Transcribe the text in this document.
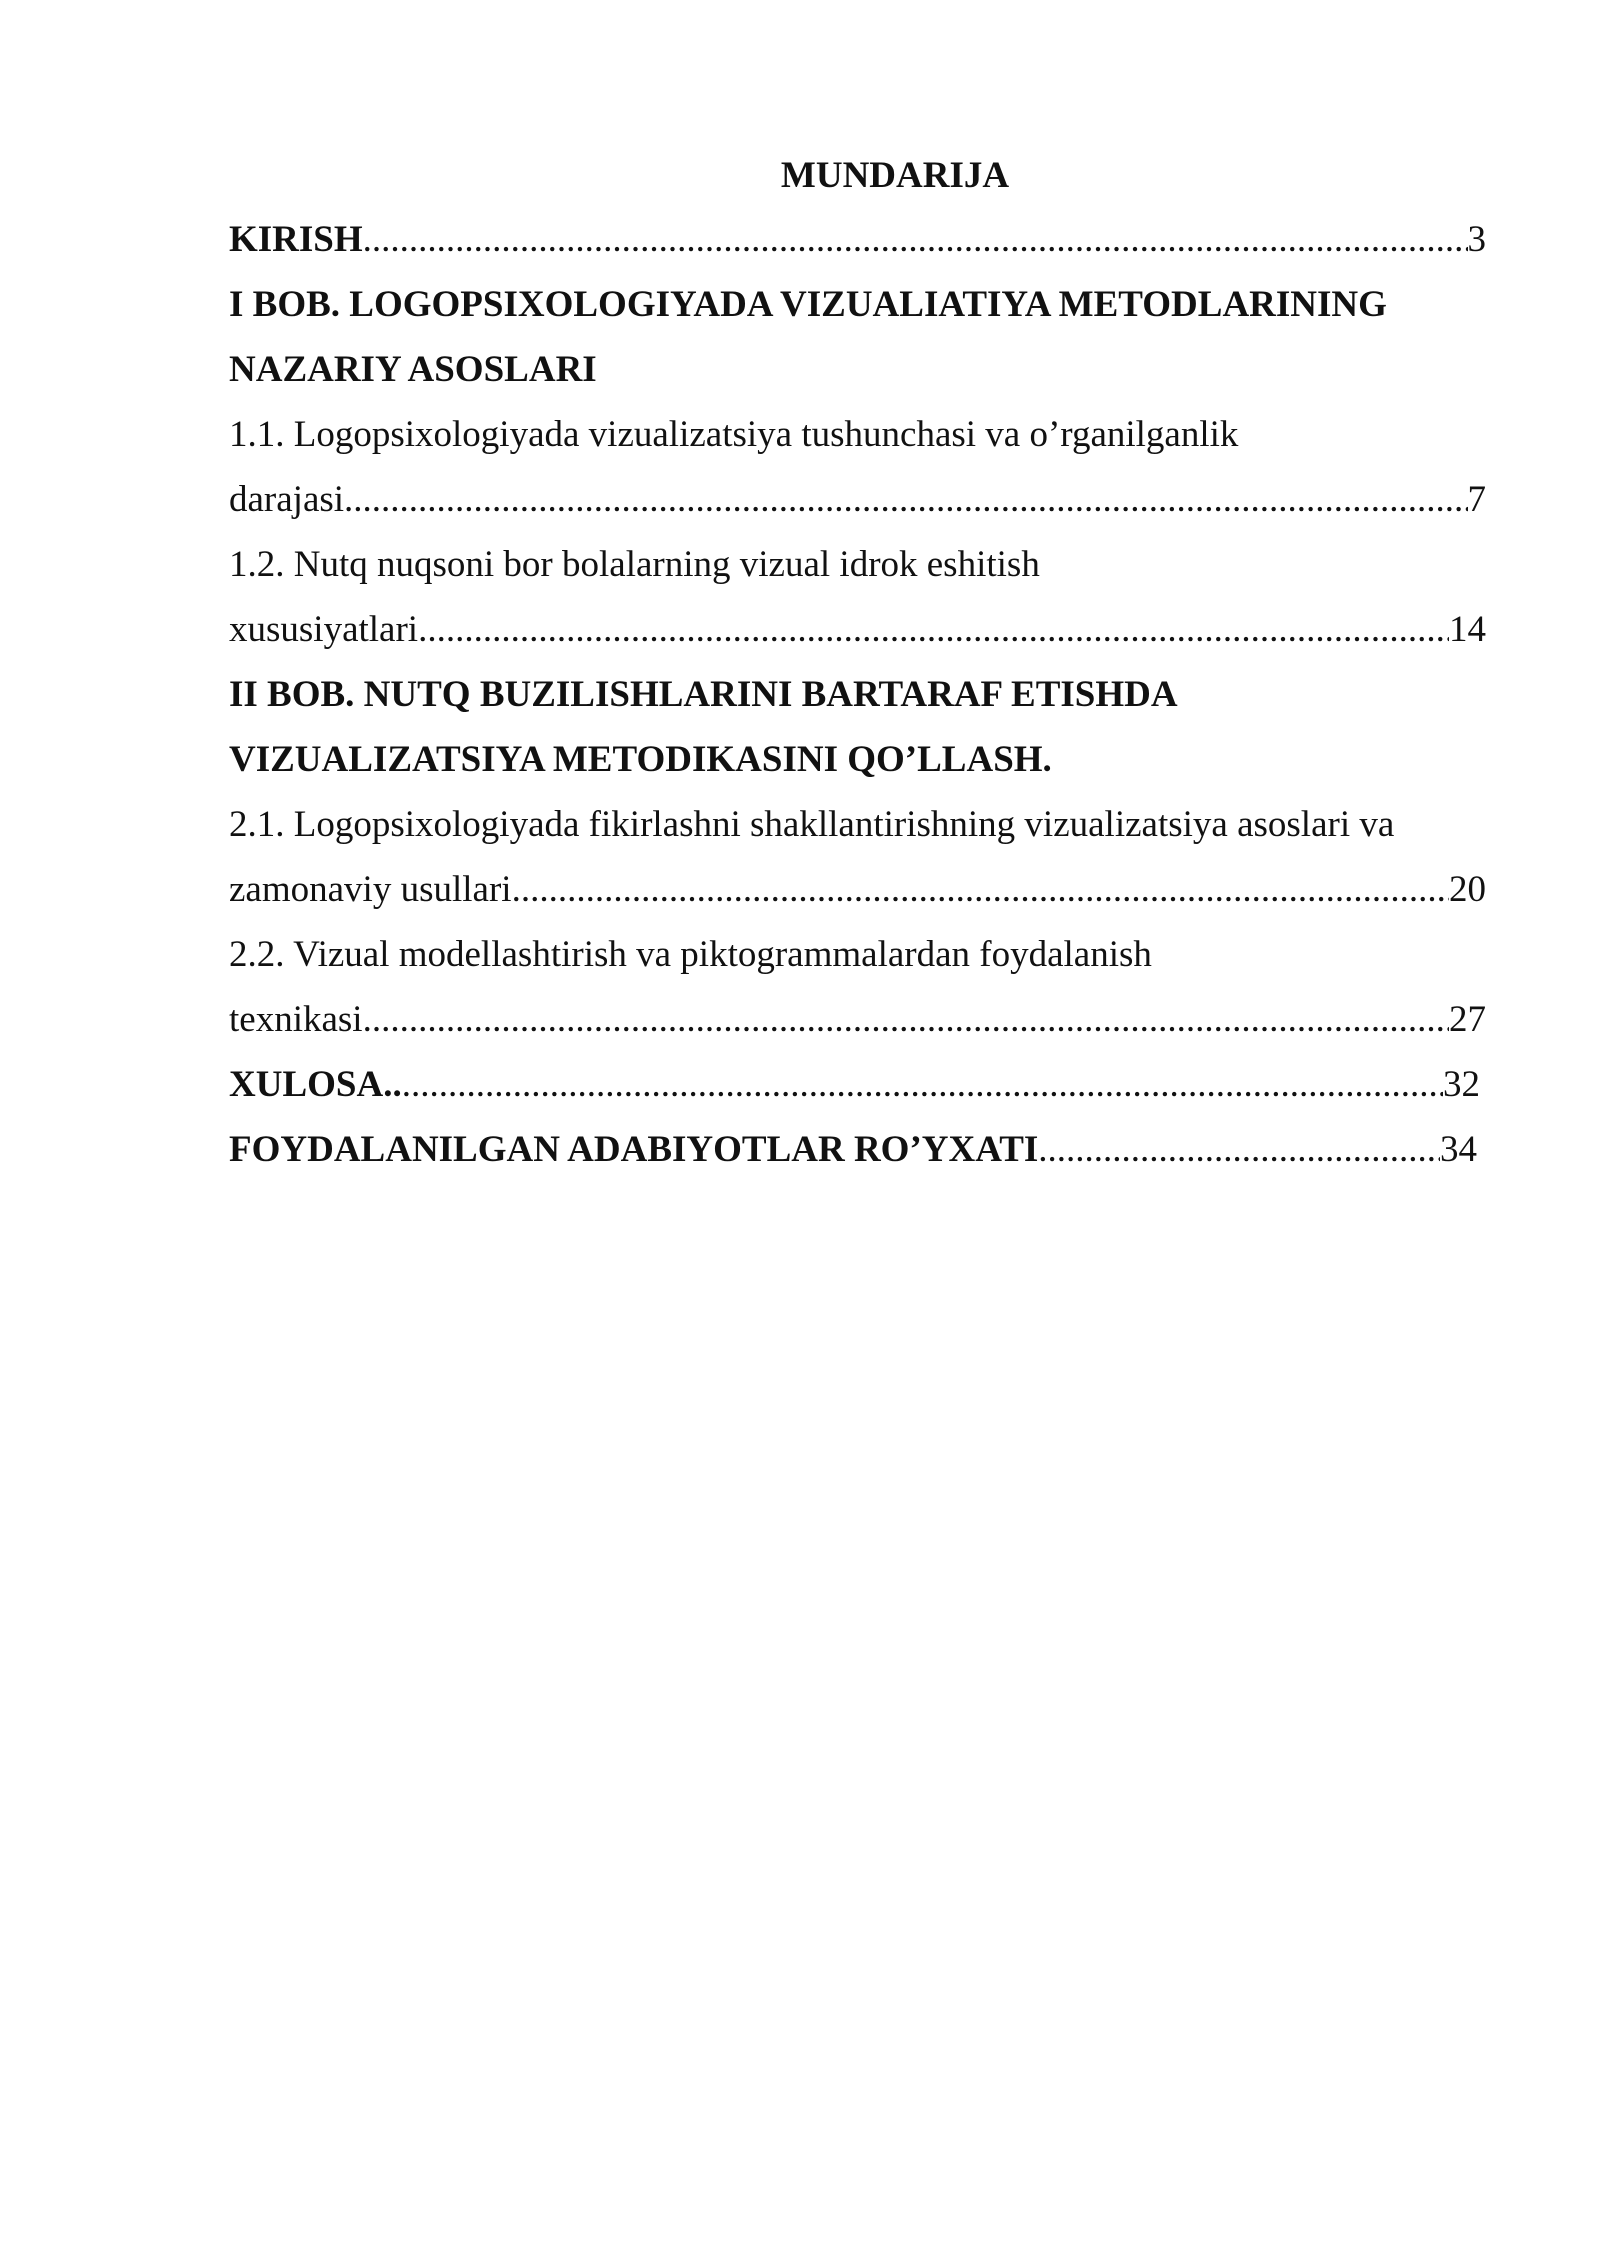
MUNDARIJA
KIRISH .....	3
I BOB. LOGOPSIXOLOGIYADA VIZUALIATIYA METODLARINING
NAZARIY ASOSLARI
1.1. Logopsixologiyada vizualizatsiya tushunchasi va o’rganilganlik
darajasi .....	7
1.2. Nutq nuqsoni bor bolalarning vizual idrok eshitish
xususiyatlari .....	14
II BOB. NUTQ BUZILISHLARINI BARTARAF ETISHDA
VIZUALIZATSIYA METODIKASINI QO’LLASH.
2.1. Logopsixologiyada fikirlashni shakllantirishning vizualizatsiya asoslari va
zamonaviy usullari .....	20
2.2. Vizual modellashtirish va piktogrammalardan foydalanish
texnikasi .....	27
XULOSA.. .....	32
FOYDALANILGAN ADABIYOTLAR RO’YXATI .....	34
